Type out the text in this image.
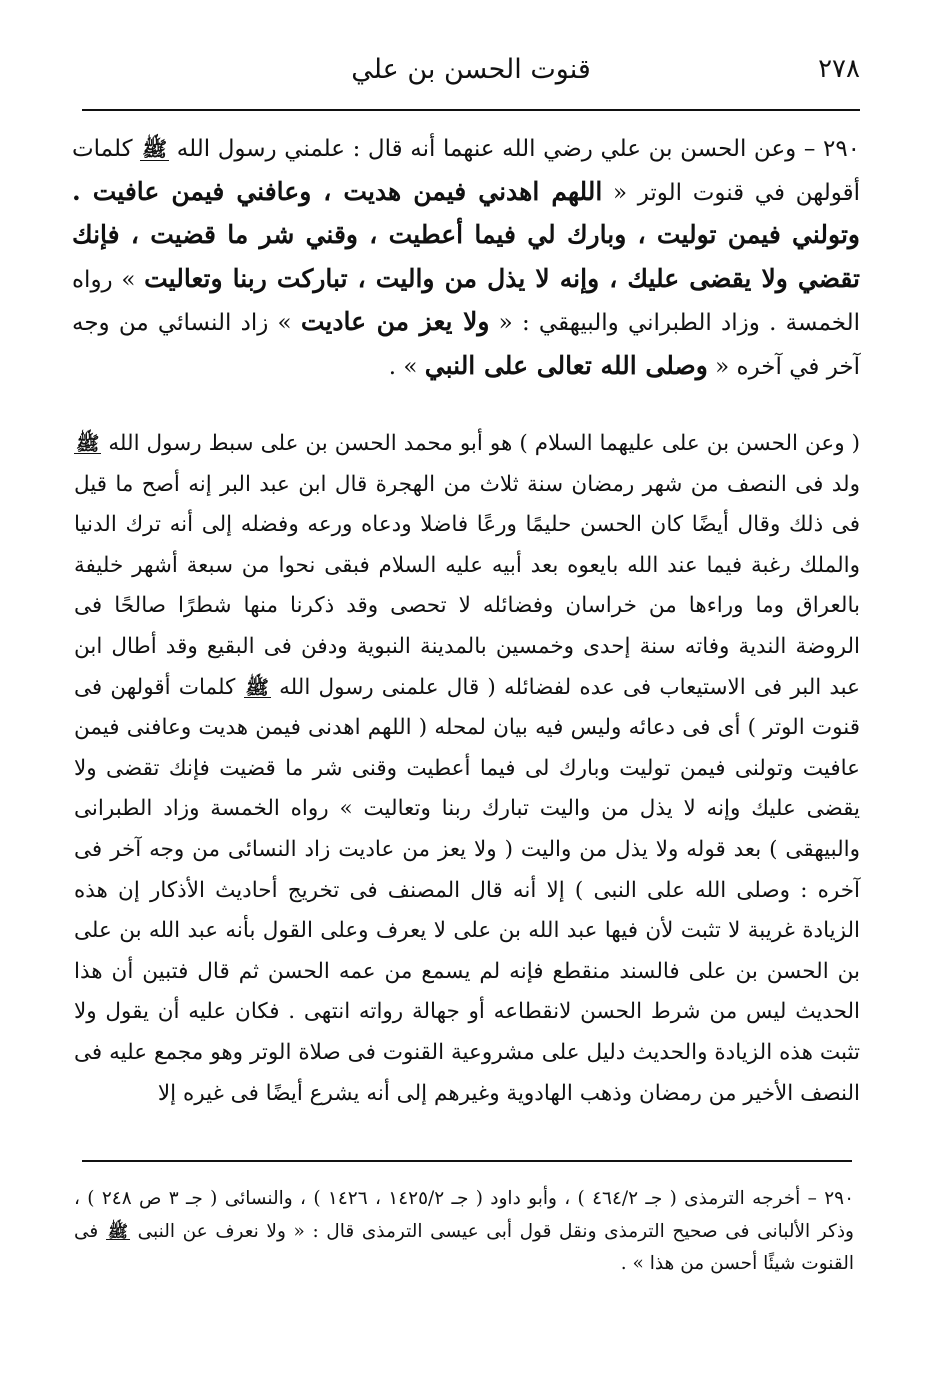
٢٧٨
قنوت الحسن بن علي

٢٩٠ – وعن الحسن بن علي رضي الله عنهما أنه قال : علمني رسول الله ﷺ كلمات أقولهن في قنوت الوتر « اللهم اهدني فيمن هديت ، وعافني فيمن عافيت . وتولني فيمن توليت ، وبارك لي فيما أعطيت ، وقني شر ما قضيت ، فإنك تقضي ولا يقضى عليك ، وإنه لا يذل من واليت ، تباركت ربنا وتعاليت » رواه الخمسة . وزاد الطبراني والبيهقي : « ولا يعز من عاديت » زاد النسائي من وجه آخر في آخره « وصلى الله تعالى على النبي » .

( وعن الحسن بن على عليهما السلام ) هو أبو محمد الحسن بن على سبط رسول الله ﷺ ولد فى النصف من شهر رمضان سنة ثلاث من الهجرة قال ابن عبد البر إنه أصح ما قيل فى ذلك وقال أيضًا كان الحسن حليمًا ورعًا فاضلا ودعاه ورعه وفضله إلى أنه ترك الدنيا والملك رغبة فيما عند الله بايعوه بعد أبيه عليه السلام فبقى نحوا من سبعة أشهر خليفة بالعراق وما وراءها من خراسان وفضائله لا تحصى وقد ذكرنا منها شطرًا صالحًا فى الروضة الندية وفاته سنة إحدى وخمسين بالمدينة النبوية ودفن فى البقيع وقد أطال ابن عبد البر فى الاستيعاب فى عده لفضائله ( قال علمنى رسول الله ﷺ كلمات أقولهن فى قنوت الوتر ) أى فى دعائه وليس فيه بيان لمحله ( اللهم اهدنى فيمن هديت وعافنى فيمن عافيت وتولنى فيمن توليت وبارك لى فيما أعطيت وقنى شر ما قضيت فإنك تقضى ولا يقضى عليك وإنه لا يذل من واليت تبارك ربنا وتعاليت » رواه الخمسة وزاد الطبرانى والبيهقى ) بعد قوله ولا يذل من واليت ( ولا يعز من عاديت زاد النسائى من وجه آخر فى آخره : وصلى الله على النبى ) إلا أنه قال المصنف فى تخريج أحاديث الأذكار إن هذه الزيادة غريبة لا تثبت لأن فيها عبد الله بن على لا يعرف وعلى القول بأنه عبد الله بن على بن الحسن بن على فالسند منقطع فإنه لم يسمع من عمه الحسن ثم قال فتبين أن هذا الحديث ليس من شرط الحسن لانقطاعه أو جهالة رواته انتهى . فكان عليه أن يقول ولا تثبت هذه الزيادة والحديث دليل على مشروعية القنوت فى صلاة الوتر وهو مجمع عليه فى النصف الأخير من رمضان وذهب الهادوية وغيرهم إلى أنه يشرع أيضًا فى غيره إلا

٢٩٠ – أخرجه الترمذى ( جـ ٤٦٤/٢ ) ، وأبو داود ( جـ ١٤٢٥/٢ ، ١٤٢٦ ) ، والنسائى ( جـ ٣ ص ٢٤٨ ) ، وذكر الألبانى فى صحيح الترمذى ونقل قول أبى عيسى الترمذى قال : « ولا نعرف عن النبى ﷺ فى القنوت شيئًا أحسن من هذا » .
